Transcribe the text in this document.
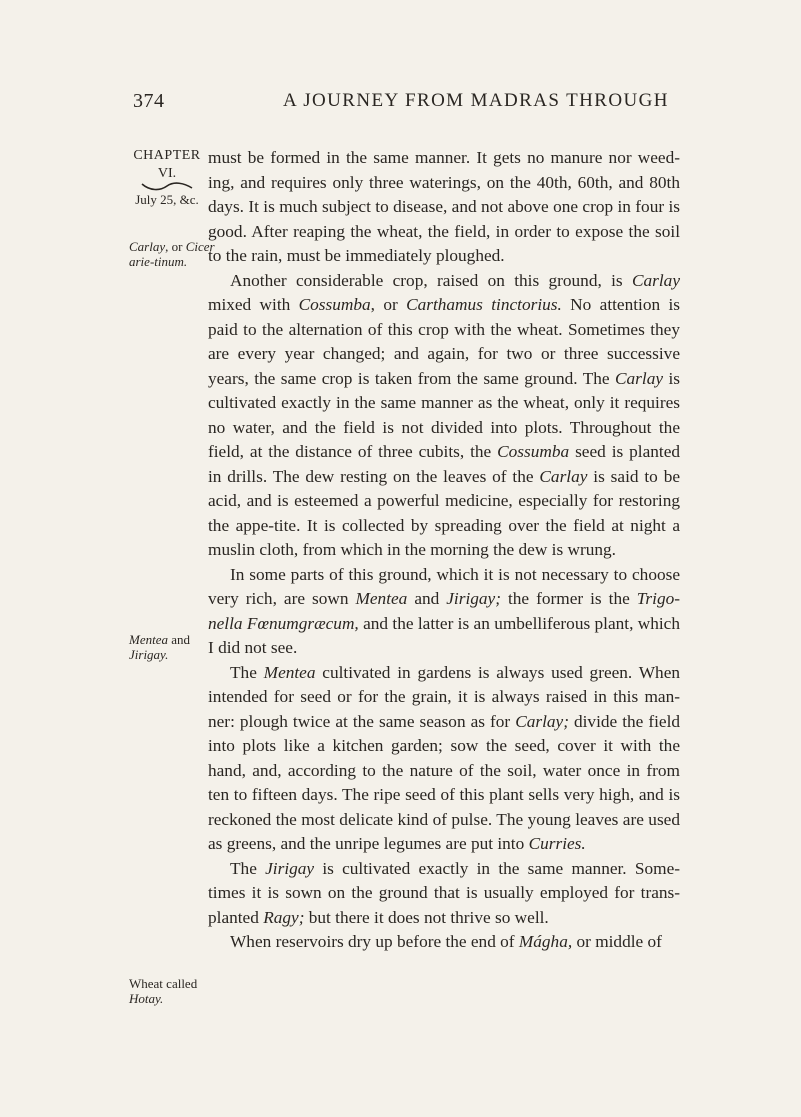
374	A JOURNEY FROM MADRAS THROUGH
CHAPTER
VI.
July 25, &c.
Carlay, or Cicer arie-tinum.
Mentea and Jirigay.
Wheat called Hotay.

must be formed in the same manner. It gets no manure nor weed-ing, and requires only three waterings, on the 40th, 60th, and 80th days. It is much subject to disease, and not above one crop in four is good. After reaping the wheat, the field, in order to expose the soil to the rain, must be immediately ploughed.

Another considerable crop, raised on this ground, is Carlay mixed with Cossumba, or Carthamus tinctorius. No attention is paid to the alternation of this crop with the wheat. Sometimes they are every year changed; and again, for two or three successive years, the same crop is taken from the same ground. The Carlay is cultivated exactly in the same manner as the wheat, only it requires no water, and the field is not divided into plots. Throughout the field, at the distance of three cubits, the Cossumba seed is planted in drills. The dew resting on the leaves of the Carlay is said to be acid, and is esteemed a powerful medicine, especially for restoring the appe-tite. It is collected by spreading over the field at night a muslin cloth, from which in the morning the dew is wrung.

In some parts of this ground, which it is not necessary to choose very rich, are sown Mentea and Jirigay; the former is the Trigo-nella Fœnumgræcum, and the latter is an umbelliferous plant, which I did not see.

The Mentea cultivated in gardens is always used green. When intended for seed or for the grain, it is always raised in this man-ner: plough twice at the same season as for Carlay; divide the field into plots like a kitchen garden; sow the seed, cover it with the hand, and, according to the nature of the soil, water once in from ten to fifteen days. The ripe seed of this plant sells very high, and is reckoned the most delicate kind of pulse. The young leaves are used as greens, and the unripe legumes are put into Curries.

The Jirigay is cultivated exactly in the same manner. Some-times it is sown on the ground that is usually employed for trans-planted Ragy; but there it does not thrive so well.

When reservoirs dry up before the end of Mágha, or middle of
